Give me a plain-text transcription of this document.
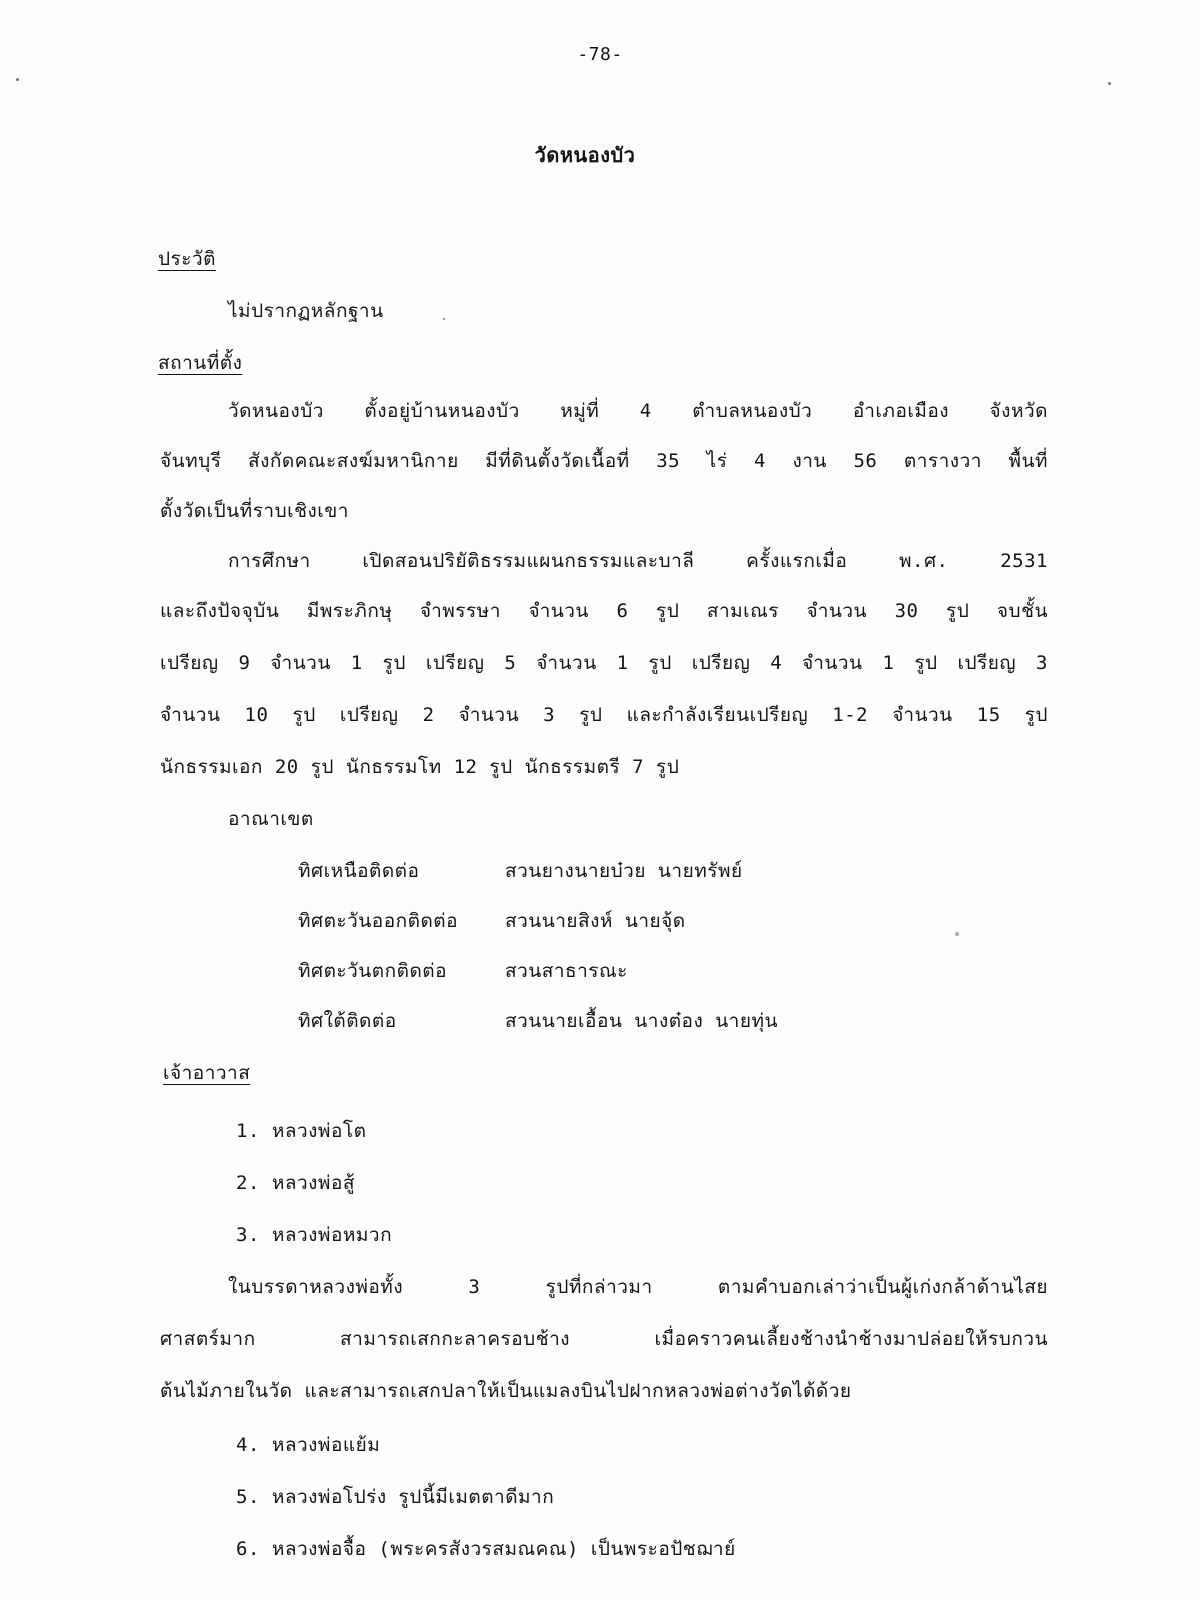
-78-
วัดหนองบัว
ประวัติ
ไม่ปรากฏหลักฐาน
สถานที่ตั้ง
วัดหนองบัว ตั้งอยู่บ้านหนองบัว หมู่ที่ 4 ตำบลหนองบัว อำเภอเมือง จังหวัด
จันทบุรี สังกัดคณะสงฆ์มหานิกาย มีที่ดินตั้งวัดเนื้อที่ 35 ไร่ 4 งาน 56 ตารางวา พื้นที่
ตั้งวัดเป็นที่ราบเชิงเขา
การศึกษา เปิดสอนปริยัติธรรมแผนกธรรมและบาลี ครั้งแรกเมื่อ พ.ศ. 2531
และถึงปัจจุบัน มีพระภิกษุ จำพรรษา จำนวน 6 รูป สามเณร จำนวน 30 รูป จบชั้น
เปรียญ 9 จำนวน 1 รูป เปรียญ 5 จำนวน 1 รูป เปรียญ 4 จำนวน 1 รูป เปรียญ 3
จำนวน 10 รูป เปรียญ 2 จำนวน 3 รูป และกำลังเรียนเปรียญ 1-2 จำนวน 15 รูป
นักธรรมเอก 20 รูป นักธรรมโท 12 รูป นักธรรมตรี 7 รูป
อาณาเขต
ทิศเหนือติดต่อ	สวนยางนายบ๋วย นายทรัพย์
ทิศตะวันออกติดต่อ สวนนายสิงห์ นายจุ้ด
ทิศตะวันตกติดต่อ	สวนสาธารณะ
ทิศใต้ติดต่อ	สวนนายเอื้อน นางต๋อง นายทุ่น
เจ้าอาวาส
1. หลวงพ่อโต
2. หลวงพ่อสู้
3. หลวงพ่อหมวก
ในบรรดาหลวงพ่อทั้ง 3 รูปที่กล่าวมา ตามคำบอกเล่าว่าเป็นผู้เก่งกล้าด้านไสย
ศาสตร์มาก สามารถเสกกะลาครอบช้าง เมื่อคราวคนเลี้ยงช้างนำช้างมาปล่อยให้รบกวน
ต้นไม้ภายในวัด และสามารถเสกปลาให้เป็นแมลงบินไปฝากหลวงพ่อต่างวัดได้ด้วย
4. หลวงพ่อแย้ม
5. หลวงพ่อโปร่ง รูปนี้มีเมตตาดีมาก
6. หลวงพ่อจื้อ (พระครสังวรสมณคณ) เป็นพระอปัชฌาย์
